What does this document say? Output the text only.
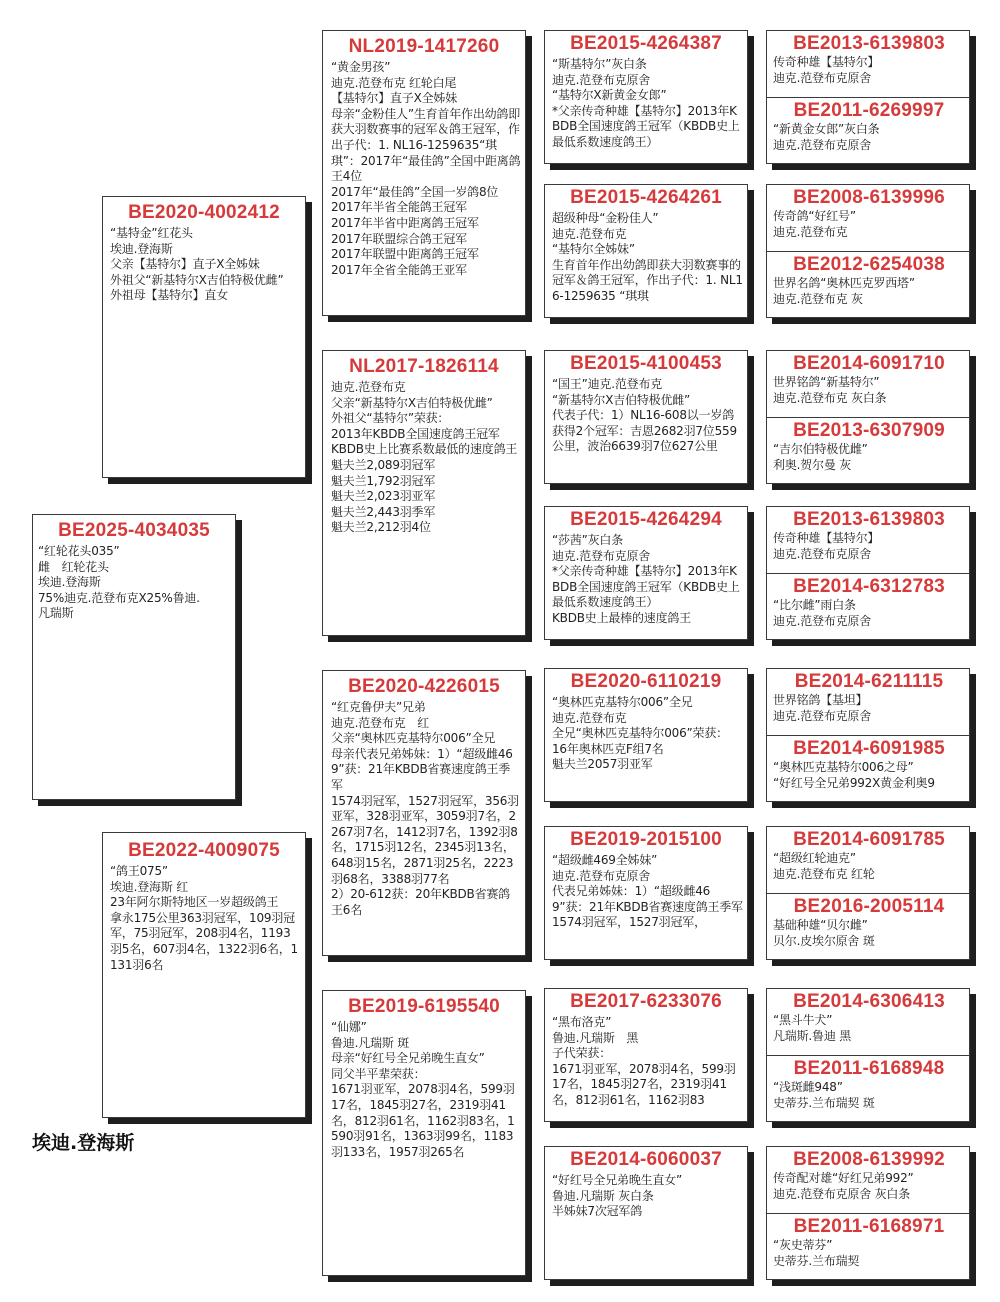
BE2025-4034035
“红轮花头035”
雌　红轮花头
埃迪.登海斯
75%迪克.范登布克X25%鲁迪.
凡瑞斯
BE2020-4002412
“基特金”红花头
埃迪.登海斯
父亲【基特尔】直子X全姊妹
外祖父“新基特尔X吉伯特极优雌”
外祖母【基特尔】直女
BE2022-4009075
“鸽王075”
埃迪.登海斯 红
23年阿尔斯特地区一岁超级鸽王
拿永175公里363羽冠军，109羽冠军，75羽冠军，208羽4名，1193羽5名，607羽4名，1322羽6名，1131羽6名
NL2019-1417260
“黄金男孩”
迪克.范登布克 红轮白尾
【基特尔】直子X全姊妹
母亲“金粉佳人”生育首年作出幼鸽即获大羽数赛事的冠军＆鸽王冠军，作出子代：1. NL16-1259635“琪琪”：2017年“最佳鸽”全国中距离鸽王4位
2017年“最佳鸽”全国一岁鸽8位
2017年半省全能鸽王冠军
2017年半省中距离鸽王冠军
2017年联盟综合鸽王冠军
2017年联盟中距离鸽王冠军
2017年全省全能鸽王亚军
NL2017-1826114
迪克.范登布克
父亲“新基特尔X吉伯特极优雌”
外祖父“基特尔”荣获：
2013年KBDB全国速度鸽王冠军
KBDB史上比赛系数最低的速度鸽王
魁夫兰2,089羽冠军
魁夫兰1,792羽冠军
魁夫兰2,023羽亚军
魁夫兰2,443羽季军
魁夫兰2,212羽4位
BE2020-4226015
“红克鲁伊夫”兄弟
迪克.范登布克　红
父亲“奥林匹克基特尔006”全兄
母亲代表兄弟姊妹：1）“超级雌469”获：21年KBDB省赛速度鸽王季军
1574羽冠军，1527羽冠军，356羽亚军，328羽亚军，3059羽7名，2267羽7名，1412羽7名，1392羽8名，1715羽12名，2345羽13名，648羽15名，2871羽25名，2223羽68名，3388羽77名
2）20-612获：20年KBDB省赛鸽王6名
BE2019-6195540
“仙娜”
鲁迪.凡瑞斯 斑
母亲“好红号全兄弟晚生直女”
同父半平辈荣获：
1671羽亚军，2078羽4名，599羽17名，1845羽27名，2319羽41名，812羽61名，1162羽83名，1590羽91名，1363羽99名，1183羽133名，1957羽265名
BE2015-4264387
“斯基特尔”灰白条
迪克.范登布克原舍
“基特尔X新黄金女郎”
*父亲传奇种雄【基特尔】2013年KBDB全国速度鸽王冠军（KBDB史上最低系数速度鸽王）
BE2015-4264261
超级种母“金粉佳人”
迪克.范登布克
“基特尔全姊妹”
生育首年作出幼鸽即获大羽数赛事的冠军＆鸽王冠军，作出子代：1. NL16-1259635 “琪琪
BE2015-4100453
“国王”迪克.范登布克
“新基特尔X吉伯特极优雌”
代表子代：1）NL16-608以一岁鸽获得2个冠军：吉恩2682羽7位559公里，波治6639羽7位627公里
BE2015-4264294
“莎茜”灰白条
迪克.范登布克原舍
*父亲传奇种雄【基特尔】2013年KBDB全国速度鸽王冠军（KBDB史上最低系数速度鸽王）
KBDB史上最棒的速度鸽王
BE2020-6110219
“奥林匹克基特尔006”全兄
迪克.范登布克
全兄“奥林匹克基特尔006”荣获：
16年奥林匹克F组7名
魁夫兰2057羽亚军
BE2019-2015100
“超级雌469全姊妹”
迪克.范登布克原舍
代表兄弟姊妹：1）“超级雌469”获：21年KBDB省赛速度鸽王季军
1574羽冠军，1527羽冠军，
BE2017-6233076
“黑布洛克”
鲁迪.凡瑞斯　黑
子代荣获：
1671羽亚军，2078羽4名，599羽17名，1845羽27名，2319羽41名，812羽61名，1162羽83
BE2014-6060037
“好红号全兄弟晚生直女”
鲁迪.凡瑞斯 灰白条
半姊妹7次冠军鸽
BE2013-6139803
传奇种雄【基特尔】
迪克.范登布克原舍
BE2011-6269997
“新黄金女郎”灰白条
迪克.范登布克原舍
BE2008-6139996
传奇鸽“好红号”
迪克.范登布克
BE2012-6254038
世界名鸽“奥林匹克罗西塔”
迪克.范登布克 灰
BE2014-6091710
世界铭鸽“新基特尔”
迪克.范登布克 灰白条
BE2013-6307909
“吉尔伯特极优雌”
利奥.贺尔曼 灰
BE2013-6139803
传奇种雄【基特尔】
迪克.范登布克原舍
BE2014-6312783
“比尔雌”雨白条
迪克.范登布克原舍
BE2014-6211115
世界铭鸽【基坦】
迪克.范登布克原舍
BE2014-6091985
“奥林匹克基特尔006之母”
“好红号全兄弟992X黄金利奥9
BE2014-6091785
“超级红轮迪克”
迪克.范登布克 红轮
BE2016-2005114
基础种雄“贝尔雌”
贝尔.皮埃尔原舍 斑
BE2014-6306413
“黑斗牛犬”
凡瑞斯.鲁迪 黑
BE2011-6168948
“浅斑雌948”
史蒂芬.兰布瑞契 斑
BE2008-6139992
传奇配对雄“好红兄弟992”
迪克.范登布克原舍 灰白条
BE2011-6168971
“灰史蒂芬”
史蒂芬.兰布瑞契
埃迪.登海斯
